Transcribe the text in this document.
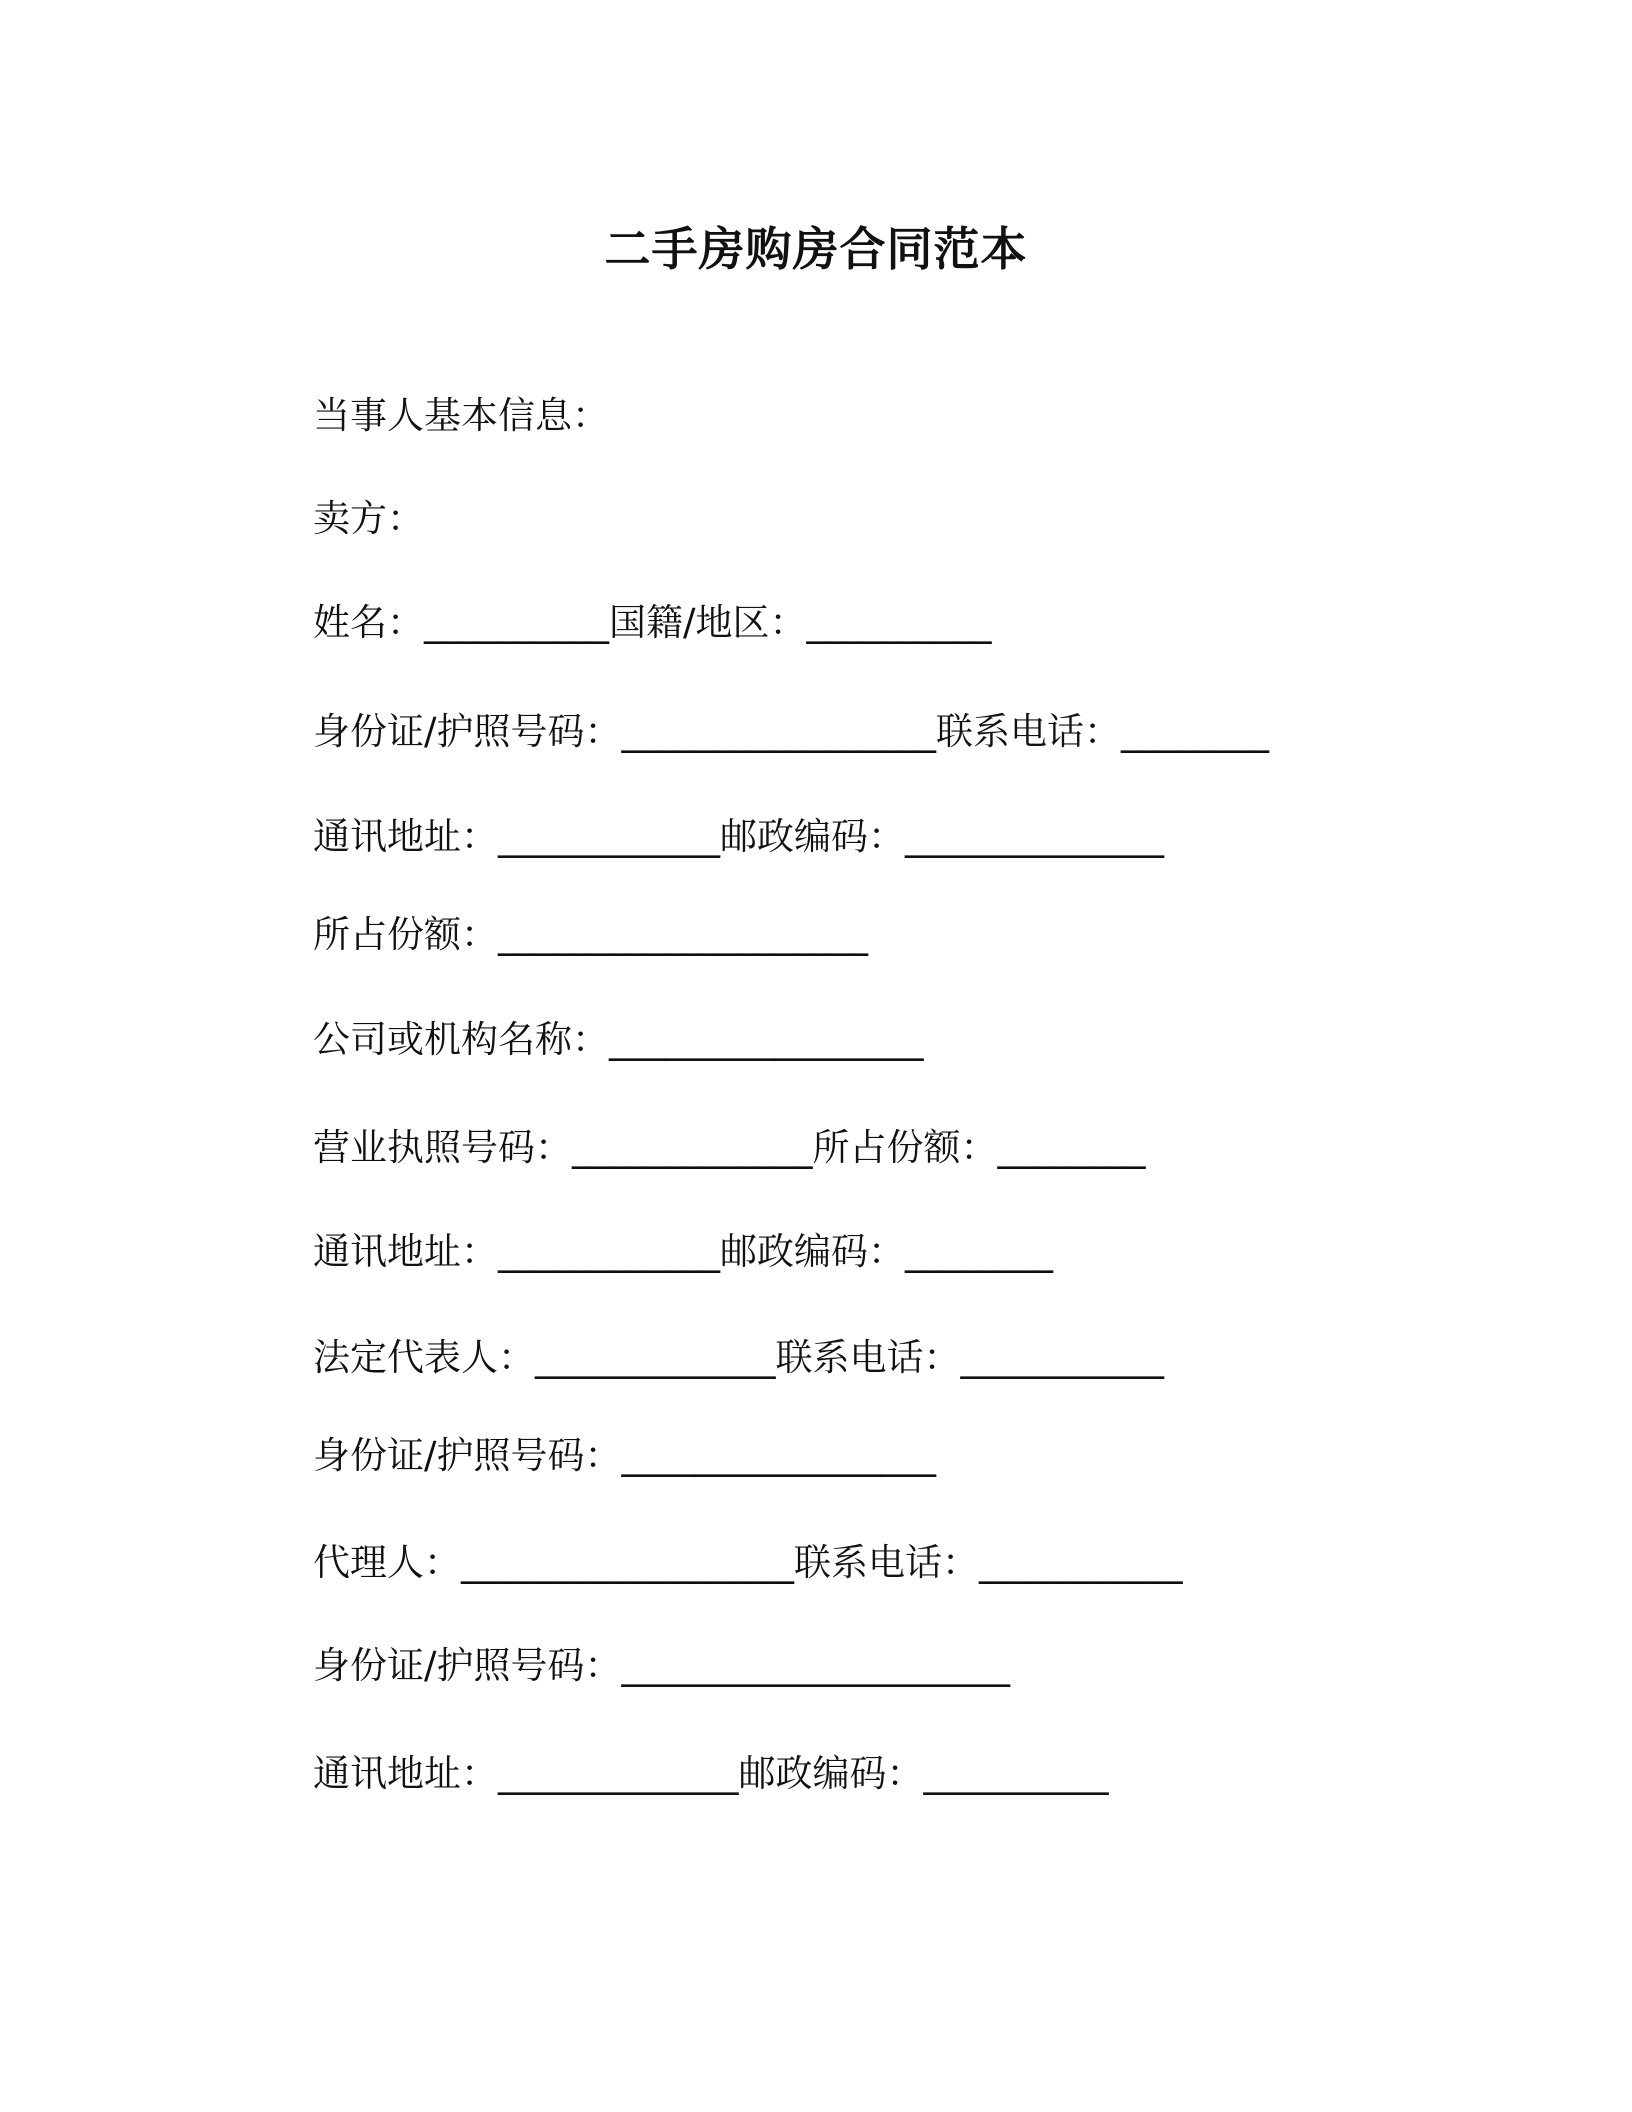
二手房购房合同范本

当事人基本信息：

卖方：

姓名：__________国籍/地区：__________

身份证/护照号码：_________________联系电话：________

通讯地址：____________邮政编码：______________

所占份额：____________________

公司或机构名称：_________________

营业执照号码：_____________所占份额：________

通讯地址：____________邮政编码：________

法定代表人：_____________联系电话：___________

身份证/护照号码：_________________

代理人：__________________联系电话：___________

身份证/护照号码：_____________________

通讯地址：_____________邮政编码：__________
